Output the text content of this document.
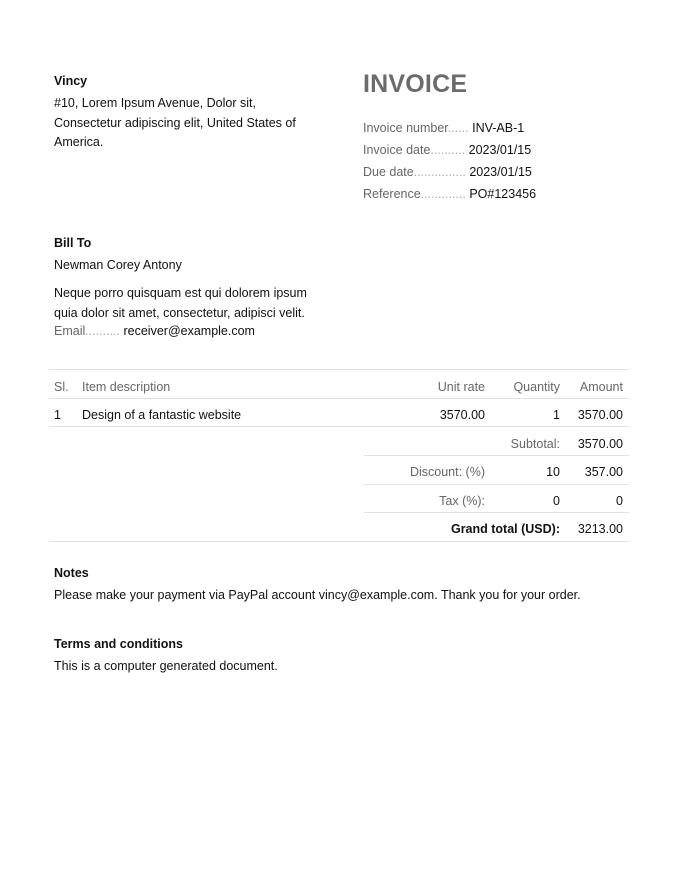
Vincy
#10, Lorem Ipsum Avenue, Dolor sit, Consectetur adipiscing elit, United States of America.
INVOICE
Invoice number...... INV-AB-1
Invoice date.......... 2023/01/15
Due date............... 2023/01/15
Reference............. PO#123456
Bill To
Newman Corey Antony
Neque porro quisquam est qui dolorem ipsum quia dolor sit amet, consectetur, adipisci velit.
Email.......... receiver@example.com
Sl. Item description	Unit rate	Quantity	Amount
1 Design of a fantastic website	3570.00	1	3570.00
Subtotal:	3570.00
Discount: (%)	10	357.00
Tax (%):	0	0
Grand total (USD):	3213.00
Notes
Please make your payment via PayPal account vincy@example.com. Thank you for your order.
Terms and conditions
This is a computer generated document.
